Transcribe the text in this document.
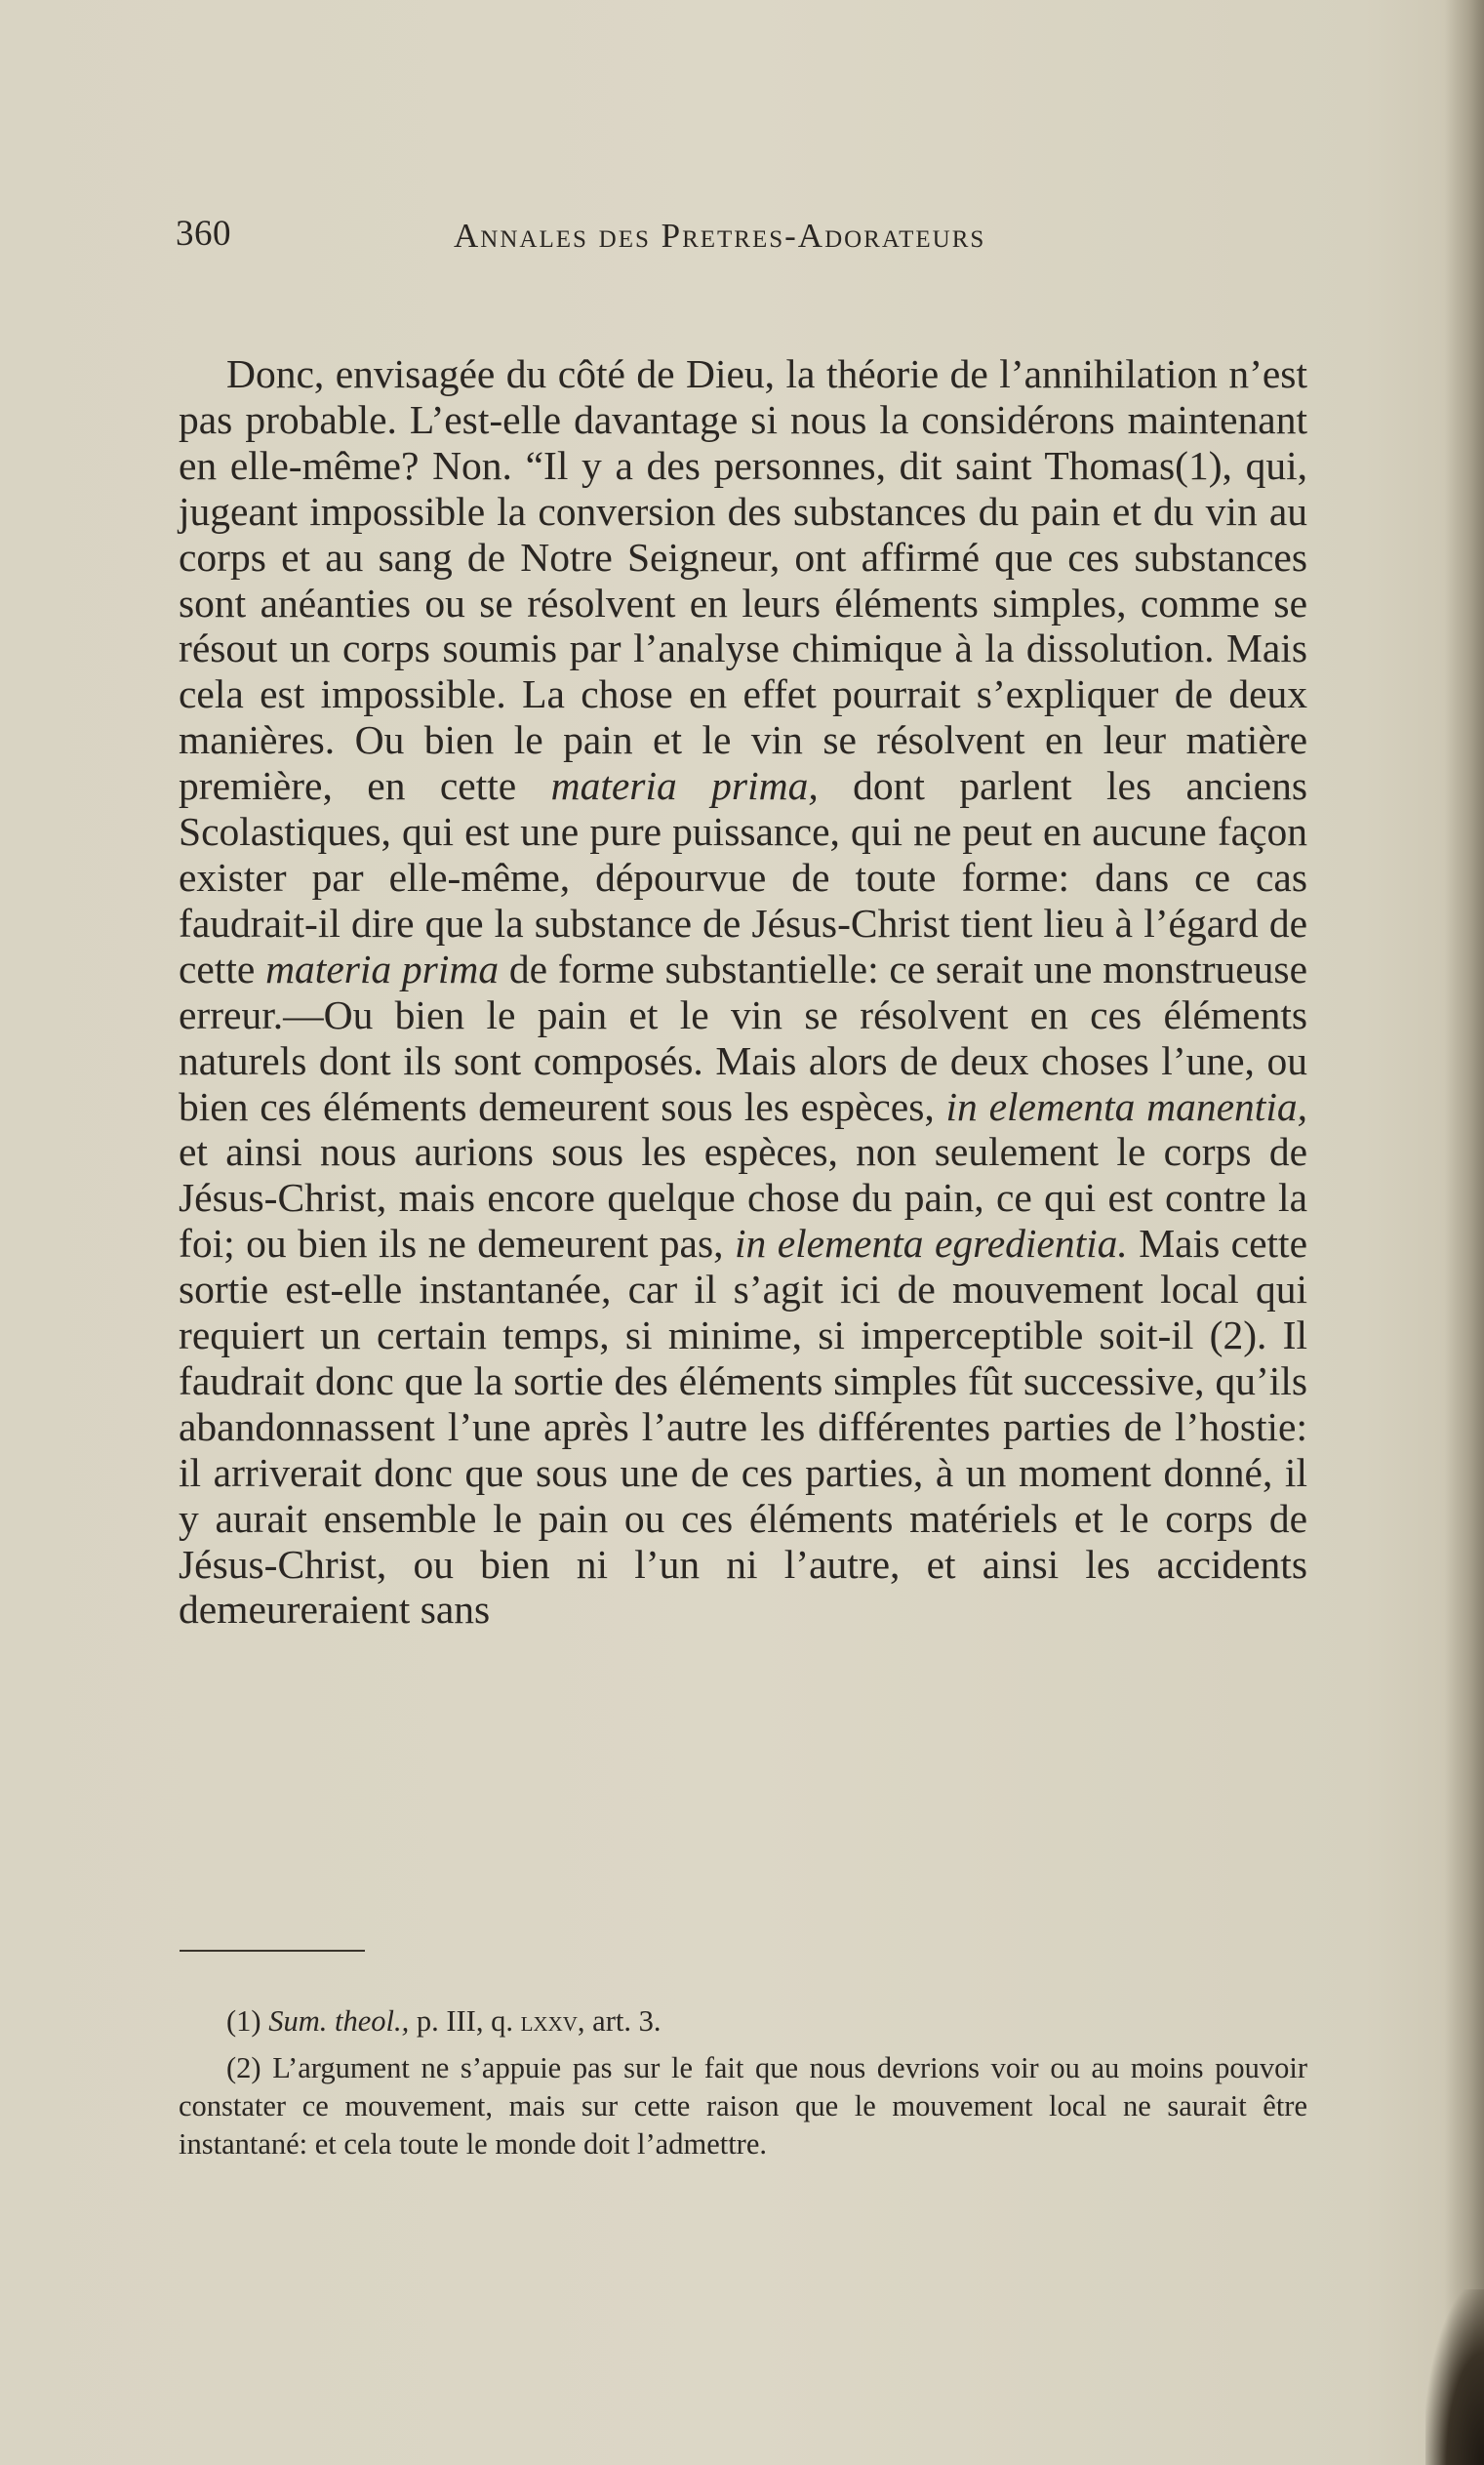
360	Annales des Pretres-Adorateurs

Donc, envisagée du côté de Dieu, la théorie de l’annihilation n’est pas probable. L’est-elle davantage si nous la considérons maintenant en elle-même? Non. “Il y a des personnes, dit saint Thomas(1), qui, jugeant impossible la conversion des substances du pain et du vin au corps et au sang de Notre Seigneur, ont affirmé que ces substances sont anéanties ou se résolvent en leurs éléments simples, comme se résout un corps soumis par l’analyse chimique à la dissolution. Mais cela est impossible. La chose en effet pourrait s’expliquer de deux manières. Ou bien le pain et le vin se résolvent en leur matière première, en cette materia prima, dont parlent les anciens Scolastiques, qui est une pure puissance, qui ne peut en aucune façon exister par elle-même, dépourvue de toute forme: dans ce cas faudrait-il dire que la substance de Jésus-Christ tient lieu à l’égard de cette materia prima de forme substantielle: ce serait une monstrueuse erreur.—Ou bien le pain et le vin se résolvent en ces éléments naturels dont ils sont composés. Mais alors de deux choses l’une, ou bien ces éléments demeurent sous les espèces, in elementa manentia, et ainsi nous aurions sous les espèces, non seulement le corps de Jésus-Christ, mais encore quelque chose du pain, ce qui est contre la foi; ou bien ils ne demeurent pas, in elementa egredientia. Mais cette sortie est-elle instantanée, car il s’agit ici de mouvement local qui requiert un certain temps, si minime, si imperceptible soit-il (2). Il faudrait donc que la sortie des éléments simples fût successive, qu’ils abandonnassent l’une après l’autre les différentes parties de l’hostie: il arriverait donc que sous une de ces parties, à un moment donné, il y aurait ensemble le pain ou ces éléments matériels et le corps de Jésus-Christ, ou bien ni l’un ni l’autre, et ainsi les accidents demeureraient sans

(1) Sum. theol., p. III, q. lxxv, art. 3.

(2) L’argument ne s’appuie pas sur le fait que nous devrions voir ou au moins pouvoir constater ce mouvement, mais sur cette raison que le mouvement local ne saurait être instantané: et cela toute le monde doit l’admettre.
